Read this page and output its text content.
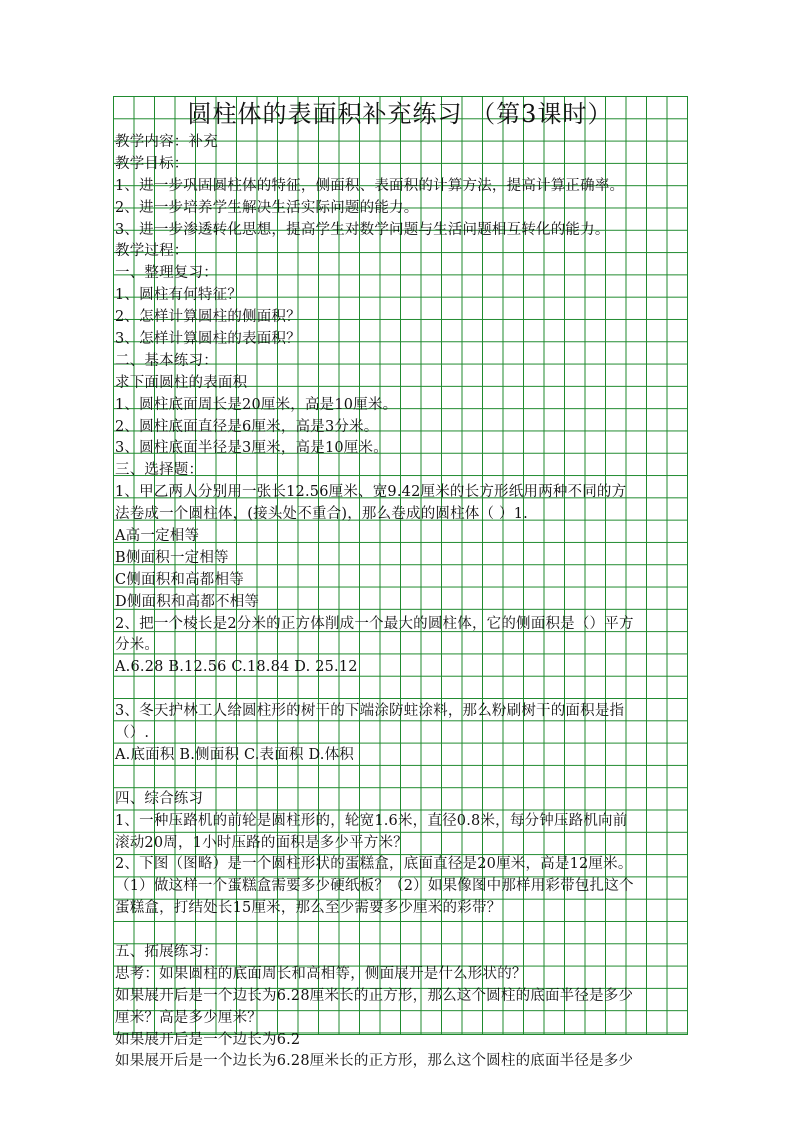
圆柱体的表面积补充练习 （第3课时）
教学内容：补充
教学目标：
1、进一步巩固圆柱体的特征，侧面积、表面积的计算方法，提高计算正确率。
2、进一步培养学生解决生活实际问题的能力。
3、进一步渗透转化思想，提高学生对数学问题与生活问题相互转化的能力。
教学过程：
一、整理复习：
1、圆柱有何特征？
2、怎样计算圆柱的侧面积？
3、怎样计算圆柱的表面积？
二、基本练习：
求下面圆柱的表面积
1、圆柱底面周长是20厘米，高是10厘米。
2、圆柱底面直径是6厘米，高是3分米。
3、圆柱底面半径是3厘米，高是10厘米。
三、选择题：
1、甲乙两人分别用一张长12.56厘米、宽9.42厘米的长方形纸用两种不同的方
法卷成一个圆柱体，(接头处不重合)，那么卷成的圆柱体（ ）1.
A高一定相等
B侧面积一定相等
C侧面积和高都相等
D侧面积和高都不相等
2、把一个棱长是2分米的正方体削成一个最大的圆柱体，它的侧面积是（）平方
分米。
A.6.28 B.12.56 C.18.84 D. 25.12
3、冬天护林工人给圆柱形的树干的下端涂防蛀涂料，那么粉刷树干的面积是指
（）.
A.底面积 B.侧面积 C.表面积 D.体积
四、综合练习
1、一种压路机的前轮是圆柱形的，轮宽1.6米，直径0.8米，每分钟压路机向前
滚动20周，1小时压路的面积是多少平方米？
2、下图（图略）是一个圆柱形状的蛋糕盒，底面直径是20厘米，高是12厘米。
（1）做这样一个蛋糕盒需要多少硬纸板？（2）如果像图中那样用彩带包扎这个
蛋糕盒，打结处长15厘米，那么至少需要多少厘米的彩带？
五、拓展练习：
思考：如果圆柱的底面周长和高相等，侧面展开是什么形状的？
如果展开后是一个边长为6.28厘米长的正方形，那么这个圆柱的底面半径是多少
厘米？高是多少厘米？
如果展开后是一个边长为6.2
如果展开后是一个边长为6.28厘米长的正方形，那么这个圆柱的底面半径是多少
